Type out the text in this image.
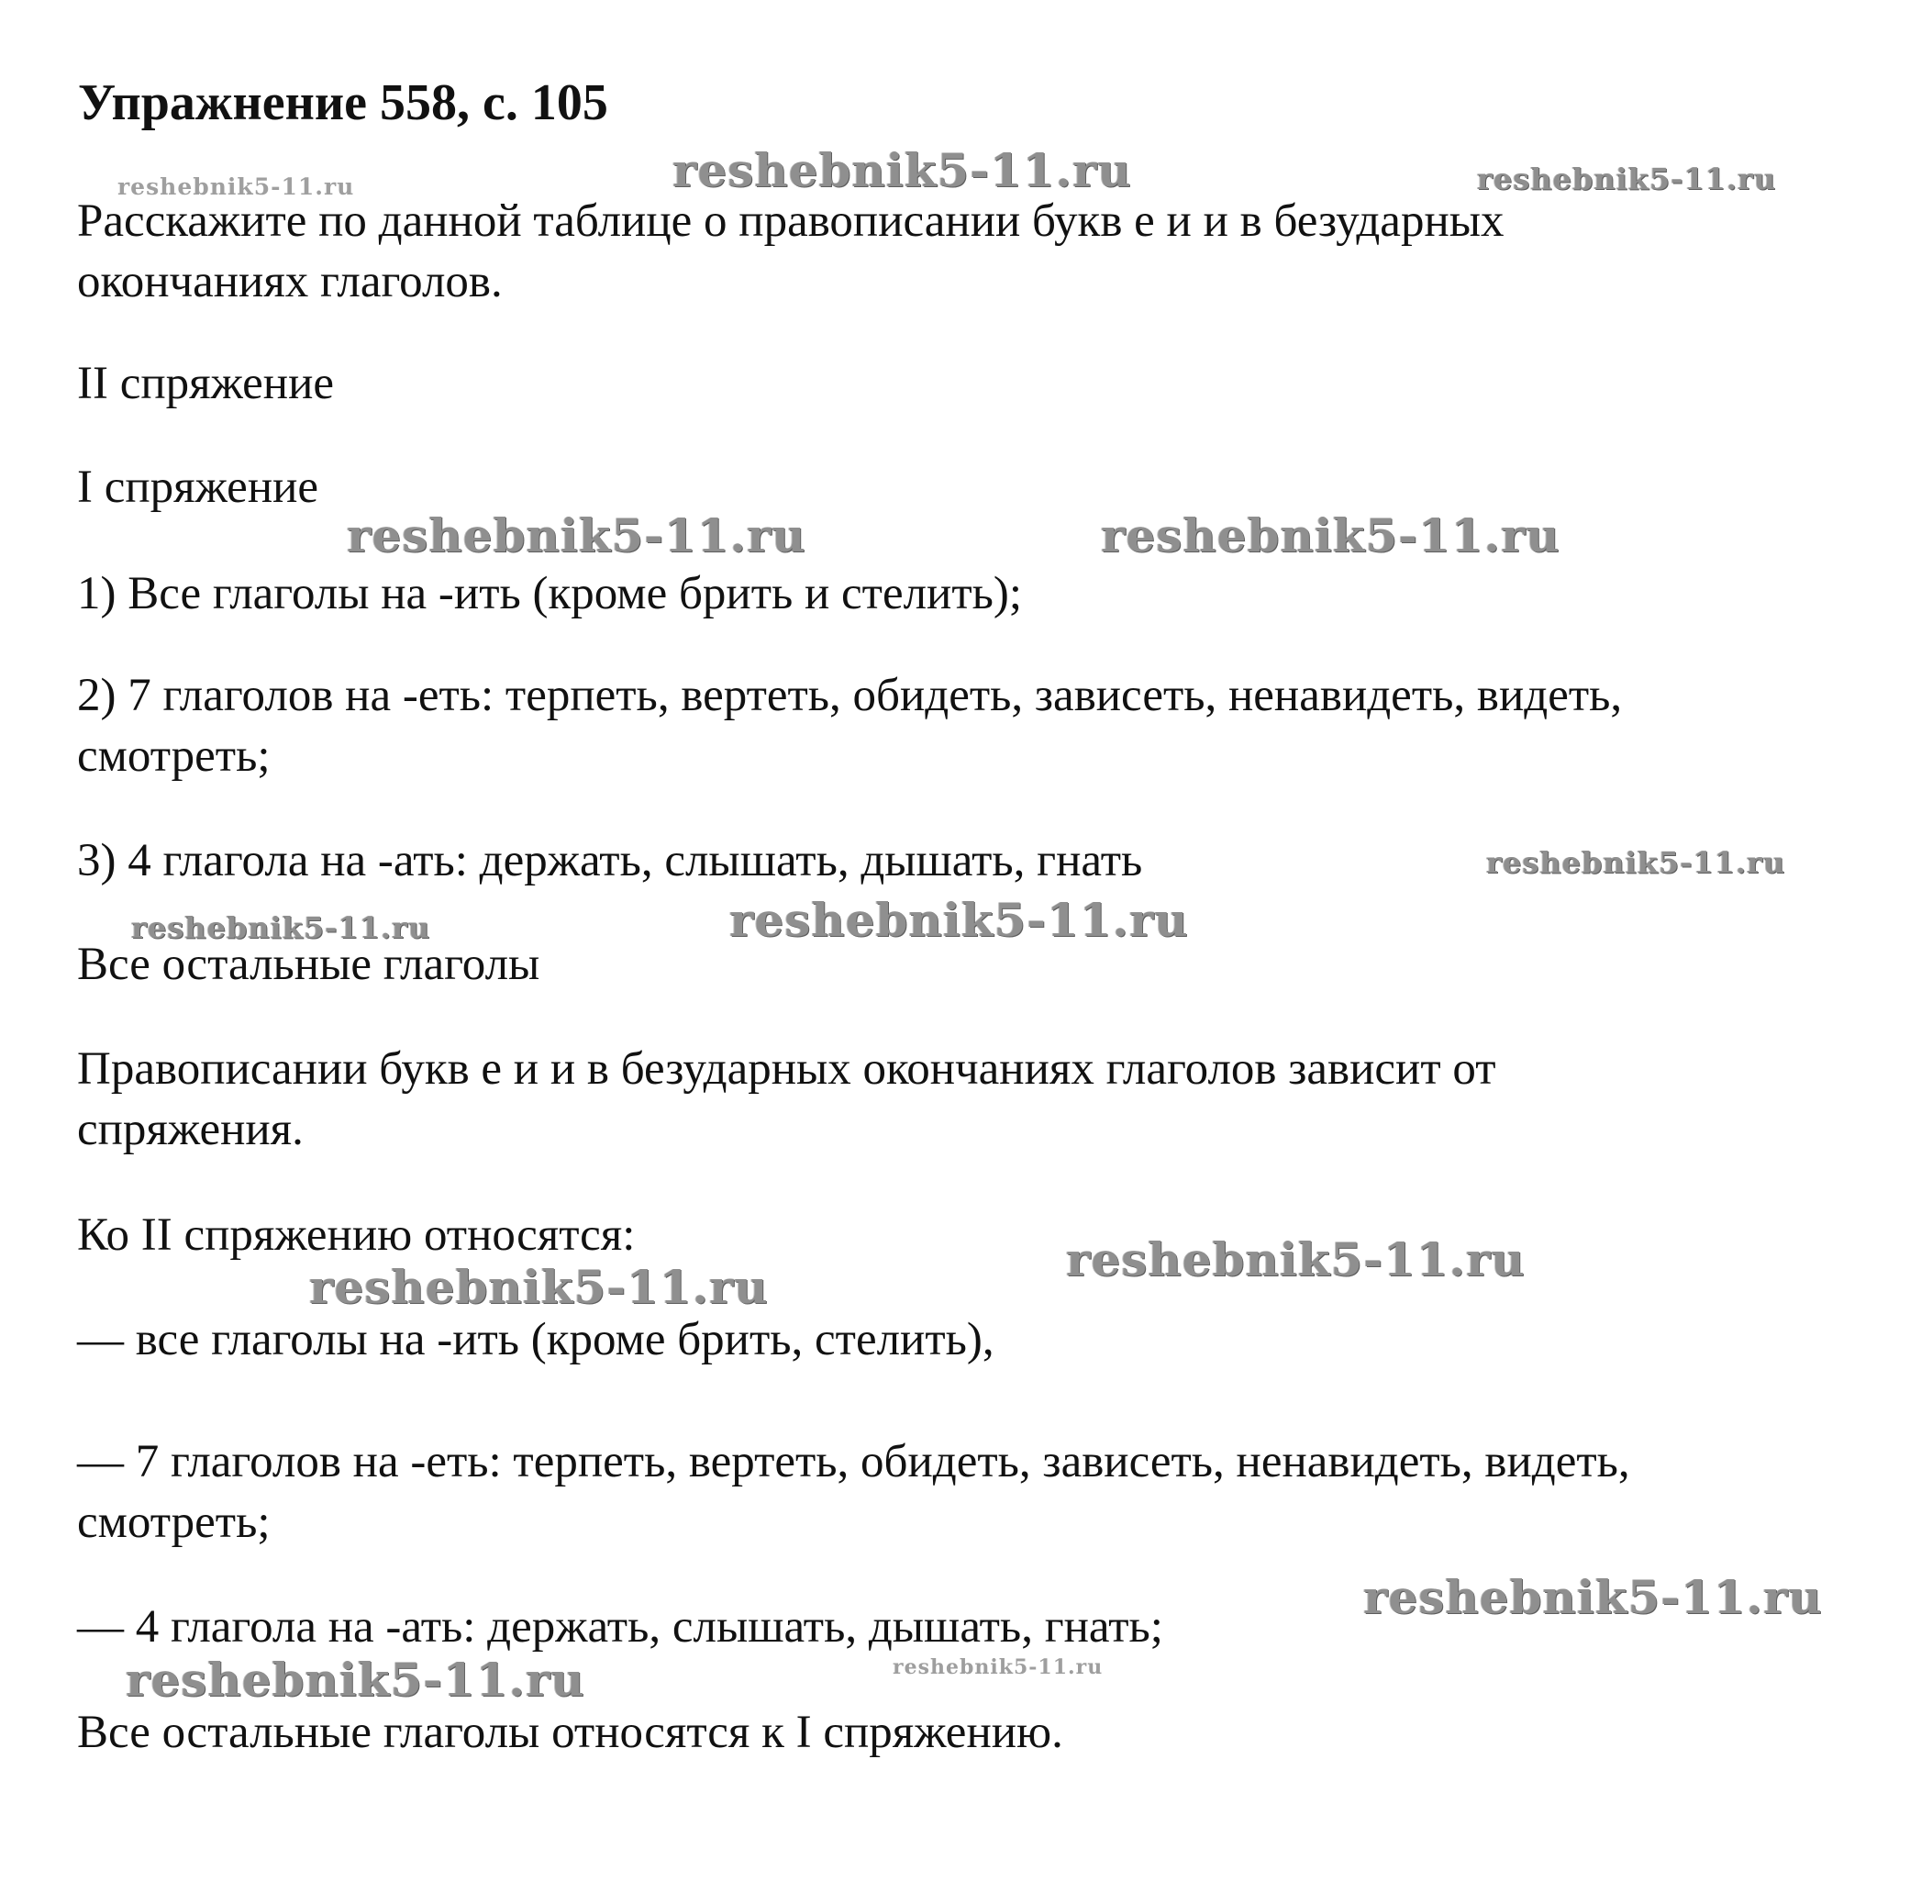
Упражнение 558, с. 105
Расскажите по данной таблице о правописании букв е и и в безударных
окончаниях глаголов.
II спряжение
I спряжение
1) Все глаголы на -ить (кроме брить и стелить);
2) 7 глаголов на -еть: терпеть, вертеть, обидеть, зависеть, ненавидеть, видеть,
смотреть;
3) 4 глагола на -ать: держать, слышать, дышать, гнать
Все остальные глаголы
Правописании букв е и и в безударных окончаниях глаголов зависит от
спряжения.
Ко II спряжению относятся:
— все глаголы на -ить (кроме брить, стелить),
— 7 глаголов на -еть: терпеть, вертеть, обидеть, зависеть, ненавидеть, видеть,
смотреть;
— 4 глагола на -ать: держать, слышать, дышать, гнать;
Все остальные глаголы относятся к I спряжению.
reshebnik5-11.ru
reshebnik5-11.ru	reshebnik5-11.ru
reshebnik5-11.ru	reshebnik5-11.ru
reshebnik5-11.ru
reshebnik5-11.ru	reshebnik5-11.ru
reshebnik5-11.ru
reshebnik5-11.ru
reshebnik5-11.ru
reshebnik5-11.ru	reshebnik5-11.ru
